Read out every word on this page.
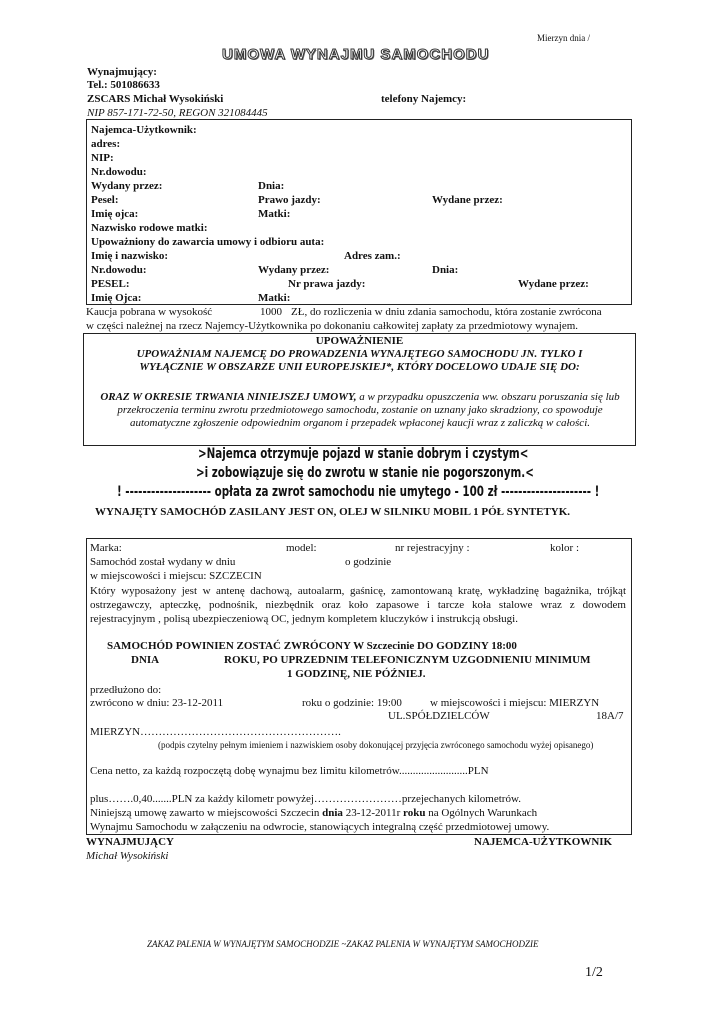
Mierzyn dnia /
UMOWA WYNAJMU SAMOCHODU
Wynajmujący:
Tel.: 501086633
ZSCARS Michał Wysokiński	telefony Najemcy:
NIP 857-171-72-50, REGON 321084445
Najemca-Użytkownik:
adres:
NIP:
Nr.dowodu:
Wydany przez:	Dnia:
Pesel:	Prawo jazdy:	Wydane przez:
Imię ojca:	Matki:
Nazwisko rodowe matki:
Upoważniony do zawarcia umowy i odbioru auta:
Imię i nazwisko:	Adres zam.:
Nr.dowodu:	Wydany przez:	Dnia:
PESEL:	Nr prawa jazdy:	Wydane przez:
Imię Ojca:	Matki:
Kaucja pobrana w wysokość	1000 ZŁ, do rozliczenia w dniu zdania samochodu, która zostanie zwrócona
w części należnej na rzecz Najemcy-Użytkownika po dokonaniu całkowitej zapłaty za przedmiotowy wynajem.
UPOWAŻNIENIE
UPOWAŻNIAM NAJEMCĘ DO PROWADZENIA WYNAJĘTEGO SAMOCHODU JN. TYLKO I
WYŁĄCZNIE W OBSZARZE UNII EUROPEJSKIEJ*, KTÓRY DOCELOWO UDAJE SIĘ DO:
ORAZ W OKRESIE TRWANIA NINIEJSZEJ UMOWY, a w przypadku opuszczenia ww. obszaru poruszania się lub przekroczenia terminu zwrotu przedmiotowego samochodu, zostanie on uznany jako skradziony, co spowoduje automatyczne zgłoszenie odpowiednim organom i przepadek wpłaconej kaucji wraz z zaliczką w całości.
>Najemca otrzymuje pojazd w stanie dobrym i czystym<
>i zobowiązuje się do zwrotu w stanie nie pogorszonym.<
! -------------------- opłata za zwrot samochodu nie umytego - 100 zł --------------------- !
WYNAJĘTY SAMOCHÓD ZASILANY JEST ON, OLEJ W SILNIKU MOBIL 1 PÓŁ SYNTETYK.
Marka:	model:	nr rejestracyjny :	kolor :
Samochód został wydany w dniu	o godzinie
w miejscowości i miejscu: SZCZECIN
Który wyposażony jest w antenę dachową, autoalarm, gaśnicę, zamontowaną kratę, wykładzinę bagażnika, trójkąt ostrzegawczy, apteczkę, podnośnik, niezbędnik oraz koło zapasowe i tarcze koła stalowe wraz z dowodem rejestracyjnym , polisą ubezpieczeniową OC, jednym kompletem kluczyków i instrukcją obsługi.
SAMOCHÓD POWINIEN ZOSTAĆ ZWRÓCONY W Szczecinie DO GODZINY 18:00
DNIA	ROKU, PO UPRZEDNIM TELEFONICZNYM UZGODNIENIU MINIMUM
1 GODZINĘ, NIE PÓŹNIEJ.
przedłużono do:
zwrócono w dniu: 23-12-2011	roku o godzinie: 19:00	w miejscowości i miejscu: MIERZYN
UL.SPÓŁDZIELCÓW	18A/7
MIERZYN……………………………………………….
(podpis czytelny pełnym imieniem i nazwiskiem osoby dokonującej przyjęcia zwróconego samochodu wyżej opisanego)
Cena netto, za każdą rozpoczętą dobę wynajmu bez limitu kilometrów.........................PLN
plus…….0,40.......PLN za każdy kilometr powyżej……………………przejechanych kilometrów.
Niniejszą umowę zawarto w miejscowości Szczecin dnia 23-12-2011r roku na Ogólnych Warunkach
Wynajmu Samochodu w załączeniu na odwrocie, stanowiących integralną część przedmiotowej umowy.
WYNAJMUJĄCY	NAJEMCA-UŻYTKOWNIK
Michał Wysokiński
ZAKAZ PALENIA W WYNAJĘTYM SAMOCHODZIE ~ZAKAZ PALENIA W WYNAJĘTYM SAMOCHODZIE
1/2
